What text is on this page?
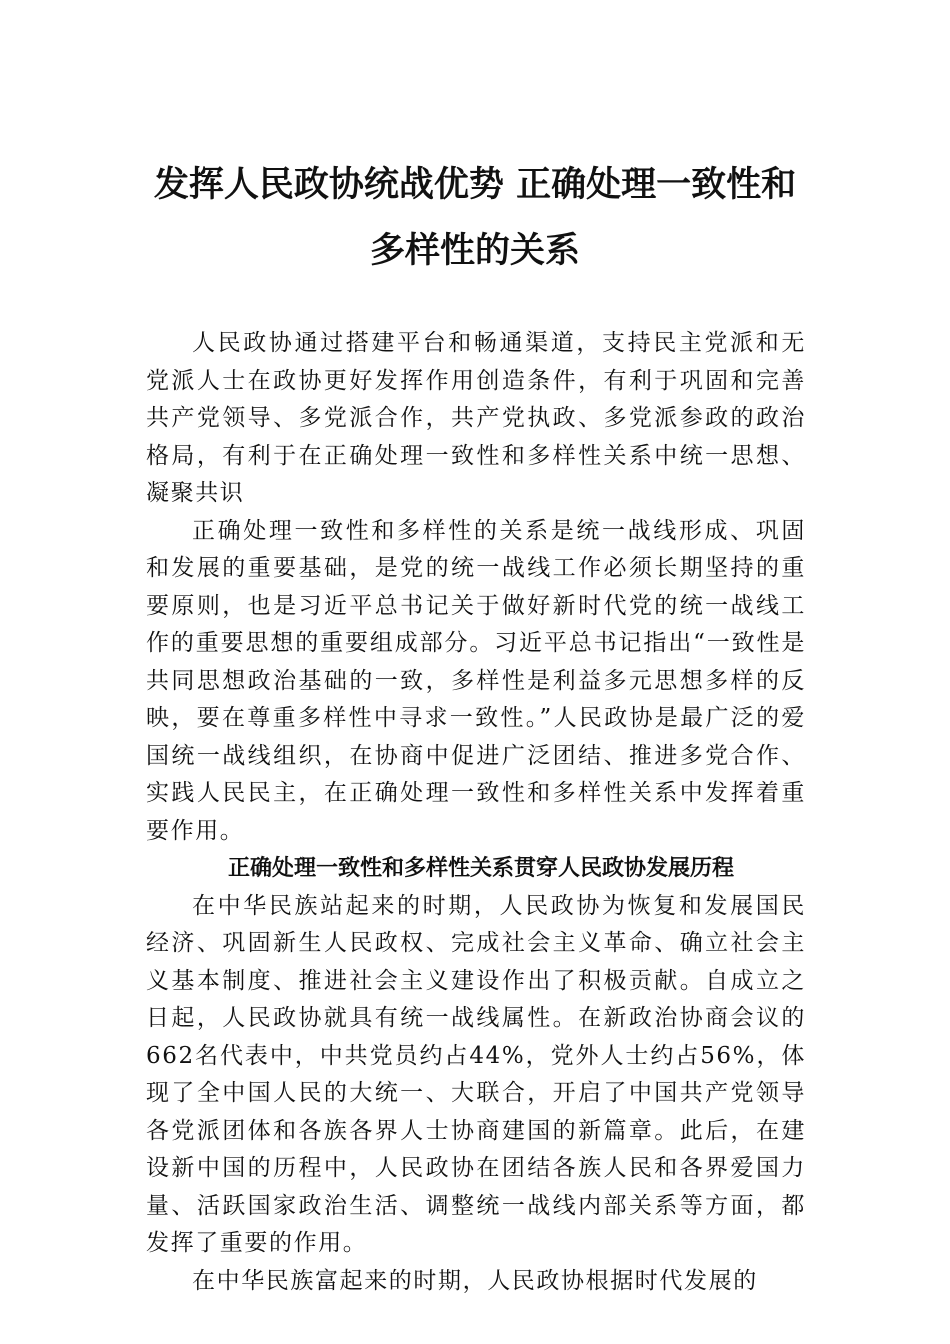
发挥人民政协统战优势 正确处理一致性和
多样性的关系

人民政协通过搭建平台和畅通渠道，支持民主党派和无党派人士在政协更好发挥作用创造条件，有利于巩固和完善共产党领导、多党派合作，共产党执政、多党派参政的政治格局，有利于在正确处理一致性和多样性关系中统一思想、凝聚共识

正确处理一致性和多样性的关系是统一战线形成、巩固和发展的重要基础，是党的统一战线工作必须长期坚持的重要原则，也是习近平总书记关于做好新时代党的统一战线工作的重要思想的重要组成部分。习近平总书记指出“一致性是共同思想政治基础的一致，多样性是利益多元思想多样的反映，要在尊重多样性中寻求一致性。”人民政协是最广泛的爱国统一战线组织，在协商中促进广泛团结、推进多党合作、实践人民民主，在正确处理一致性和多样性关系中发挥着重要作用。

正确处理一致性和多样性关系贯穿人民政协发展历程

在中华民族站起来的时期，人民政协为恢复和发展国民经济、巩固新生人民政权、完成社会主义革命、确立社会主义基本制度、推进社会主义建设作出了积极贡献。自成立之日起，人民政协就具有统一战线属性。在新政治协商会议的662名代表中，中共党员约占44%，党外人士约占56%，体现了全中国人民的大统一、大联合，开启了中国共产党领导各党派团体和各族各界人士协商建国的新篇章。此后，在建设新中国的历程中，人民政协在团结各族人民和各界爱国力量、活跃国家政治生活、调整统一战线内部关系等方面，都发挥了重要的作用。

在中华民族富起来的时期，人民政协根据时代发展的
